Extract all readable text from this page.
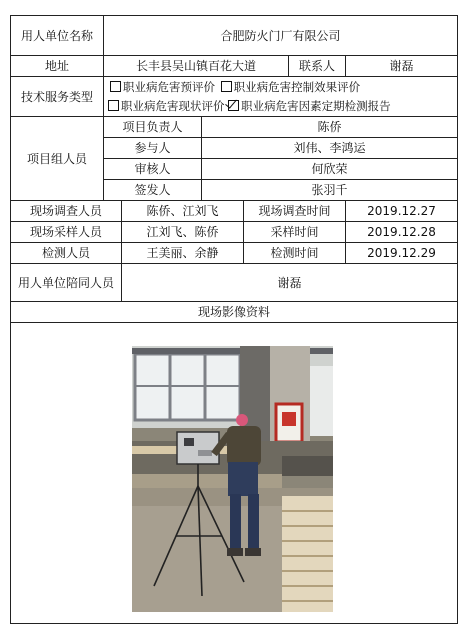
用人单位名称	合肥防火门厂有限公司					
地址	长丰县吴山镇百花大道				联系人	谢磊
技术服务类型	职业病危害预评价 职业病危害控制效果评价
职业病危害现状评价 职业病危害因素定期检测报告					

项目组人员	项目负责人		陈侨			
	参与人		刘伟、李鸿运			
	审核人		何欣荣			
	签发人		张羽千			
现场调查人员		陈侨、江刘飞		现场调查时间		2019.12.27
现场采样人员		江刘飞、陈侨		采样时间		2019.12.28
检测人员		王美丽、余静		检测时间		2019.12.29
用人单位陪同人员		谢磊				
现场影像资料						
